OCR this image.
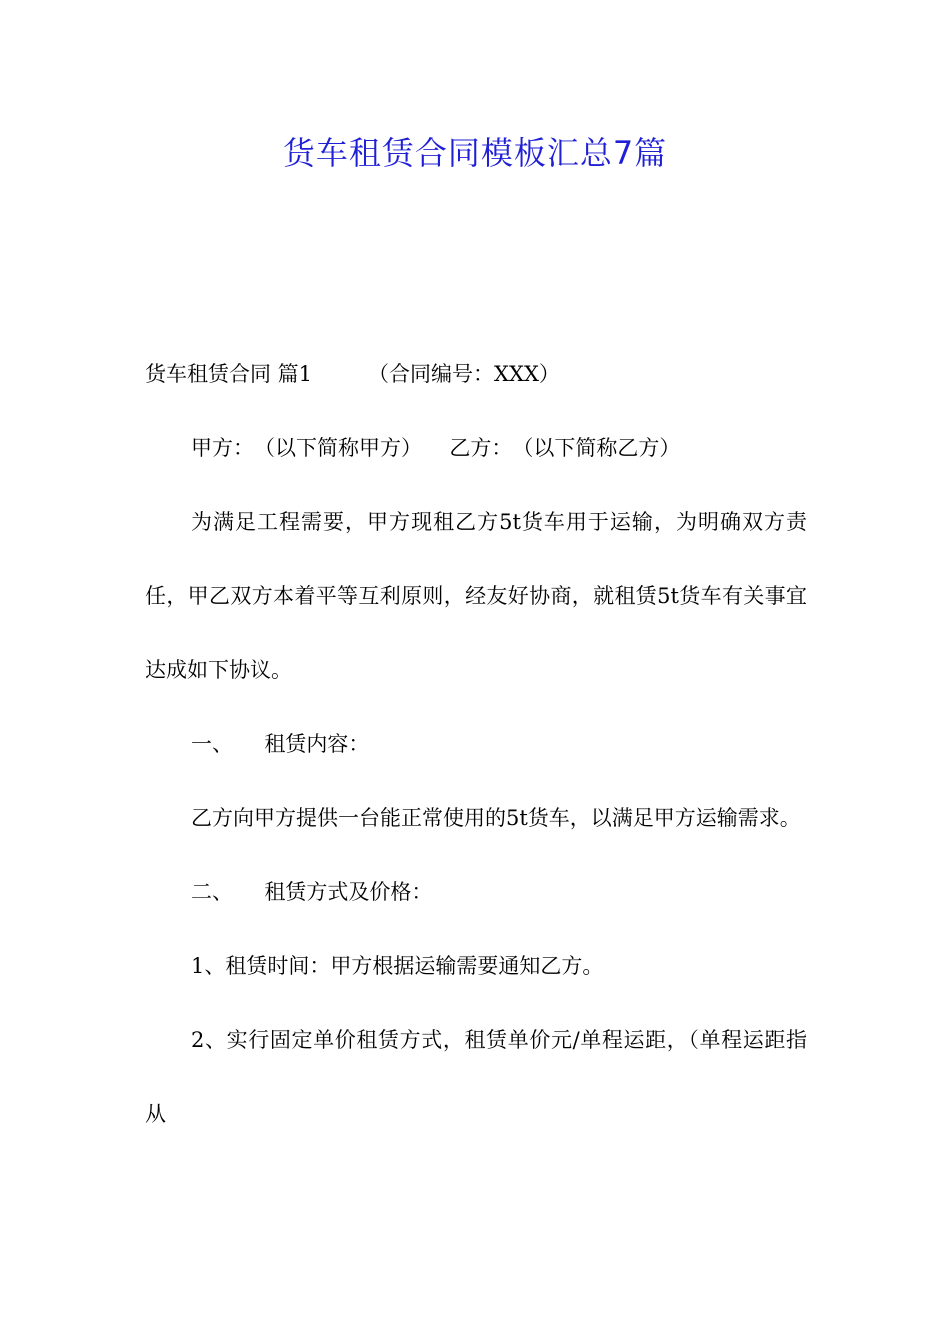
货车租赁合同模板汇总7篇

货车租赁合同 篇1	（合同编号：XXX）

甲方：　（以下简称甲方） 乙方：　（以下简称乙方）

为满足工程需要，甲方现租乙方5t货车用于运输，为明确双方责任，甲乙双方本着平等互利原则，经友好协商，就租赁5t货车有关事宜达成如下协议。

一、 租赁内容：

乙方向甲方提供一台能正常使用的5t货车，以满足甲方运输需求。

二、 租赁方式及价格：

1、租赁时间：甲方根据运输需要通知乙方。

2、实行固定单价租赁方式，租赁单价元/单程运距，（单程运距指从
